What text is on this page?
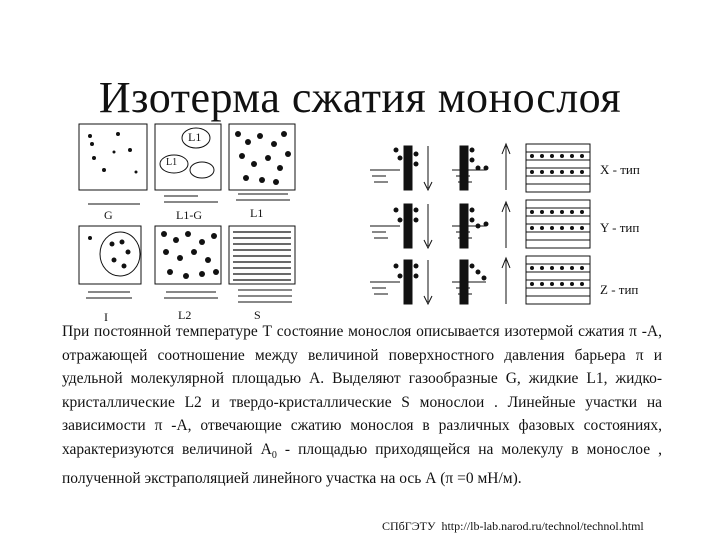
Изотерма сжатия монослоя
G	L1-G	L1
L1
L1
I	L2	S
X - тип
Y - тип
Z - тип

При постоянной температуре Т состояние монослоя описывается изотермой сжатия π -A, отражающей соотношение между величиной поверхностного давления барьера π и удельной молекулярной площадью А. Выделяют газообразные G, жидкие L1, жидко-кристаллические L2 и твердо-кристаллические S монослои . Линейные участки на зависимости π -A, отвечающие сжатию монослоя в различных фазовых состояниях, характеризуются величиной $А_0$ - площадью приходящейся на молекулу в монослое , полученной экстраполяцией линейного участка на ось А (π =0 мН/м).

СПбГЭТУ http://lb-lab.narod.ru/technol/technol.html
